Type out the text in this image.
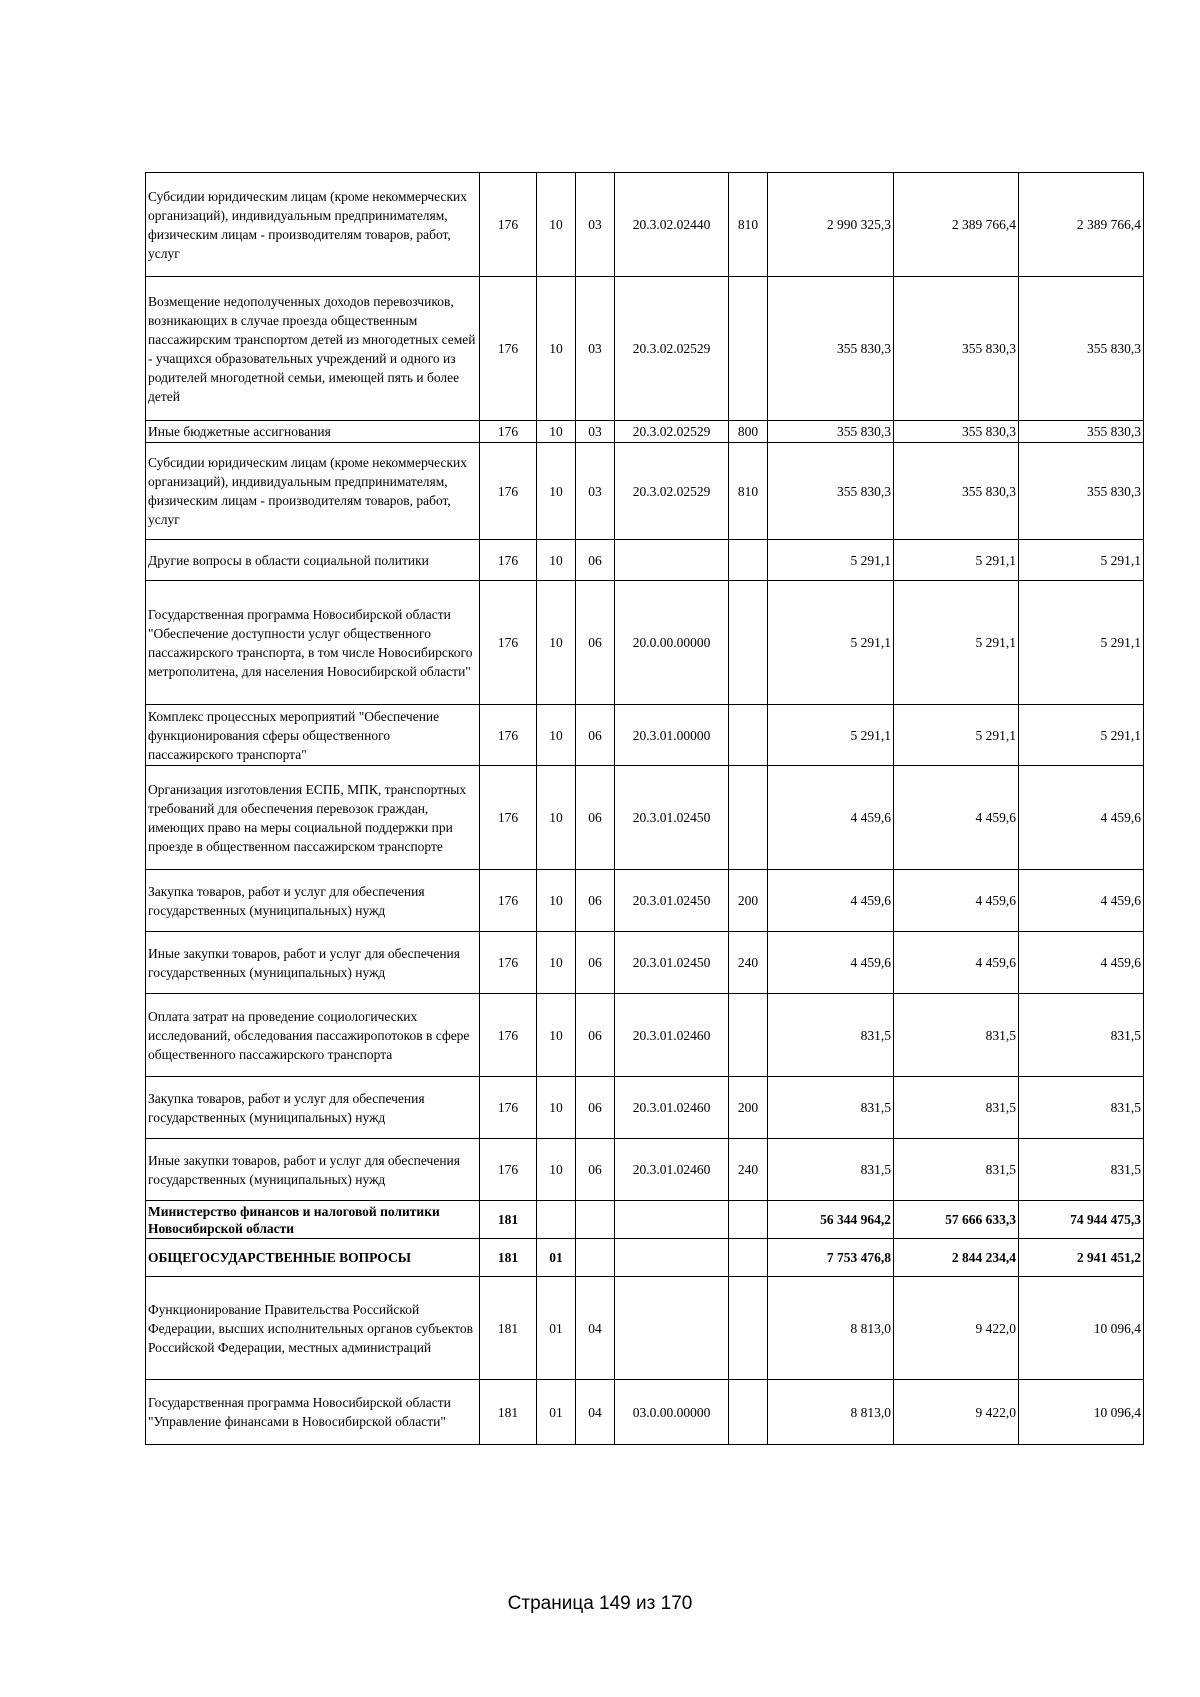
Субсидии юридическим лицам (кроме некоммерческих организаций), индивидуальным предпринимателям, физическим лицам - производителям товаров, работ, услуг	176	10	03	20.3.02.02440	810	2 990 325,3	2 389 766,4	2 389 766,4
Возмещение недополученных доходов перевозчиков, возникающих в случае проезда общественным пассажирским транспортом детей из многодетных семей - учащихся образовательных учреждений и одного из родителей многодетной семьи, имеющей пять и более детей	176	10	03	20.3.02.02529		355 830,3	355 830,3	355 830,3
Иные бюджетные ассигнования	176	10	03	20.3.02.02529	800	355 830,3	355 830,3	355 830,3
Субсидии юридическим лицам (кроме некоммерческих организаций), индивидуальным предпринимателям, физическим лицам - производителям товаров, работ, услуг	176	10	03	20.3.02.02529	810	355 830,3	355 830,3	355 830,3
Другие вопросы в области социальной политики	176	10	06			5 291,1	5 291,1	5 291,1
Государственная программа Новосибирской области "Обеспечение доступности услуг общественного пассажирского транспорта, в том числе Новосибирского метрополитена, для населения Новосибирской области"	176	10	06	20.0.00.00000		5 291,1	5 291,1	5 291,1
Комплекс процессных мероприятий "Обеспечение функционирования сферы общественного пассажирского транспорта"	176	10	06	20.3.01.00000		5 291,1	5 291,1	5 291,1
Организация изготовления ЕСПБ, МПК, транспортных требований для обеспечения перевозок граждан, имеющих право на меры социальной поддержки при проезде в общественном пассажирском транспорте	176	10	06	20.3.01.02450		4 459,6	4 459,6	4 459,6
Закупка товаров, работ и услуг для обеспечения государственных (муниципальных) нужд	176	10	06	20.3.01.02450	200	4 459,6	4 459,6	4 459,6
Иные закупки товаров, работ и услуг для обеспечения государственных (муниципальных) нужд	176	10	06	20.3.01.02450	240	4 459,6	4 459,6	4 459,6
Оплата затрат на проведение социологических исследований, обследования пассажиропотоков в сфере общественного пассажирского транспорта	176	10	06	20.3.01.02460		831,5	831,5	831,5
Закупка товаров, работ и услуг для обеспечения государственных (муниципальных) нужд	176	10	06	20.3.01.02460	200	831,5	831,5	831,5
Иные закупки товаров, работ и услуг для обеспечения государственных (муниципальных) нужд	176	10	06	20.3.01.02460	240	831,5	831,5	831,5
Министерство финансов и налоговой политики Новосибирской области	181					56 344 964,2	57 666 633,3	74 944 475,3
ОБЩЕГОСУДАРСТВЕННЫЕ ВОПРОСЫ	181	01				7 753 476,8	2 844 234,4	2 941 451,2
Функционирование Правительства Российской Федерации, высших исполнительных органов субъектов Российской Федерации, местных администраций	181	01	04			8 813,0	9 422,0	10 096,4
Государственная программа Новосибирской области "Управление финансами в Новосибирской области"	181	01	04	03.0.00.00000		8 813,0	9 422,0	10 096,4
Страница 149 из 170
